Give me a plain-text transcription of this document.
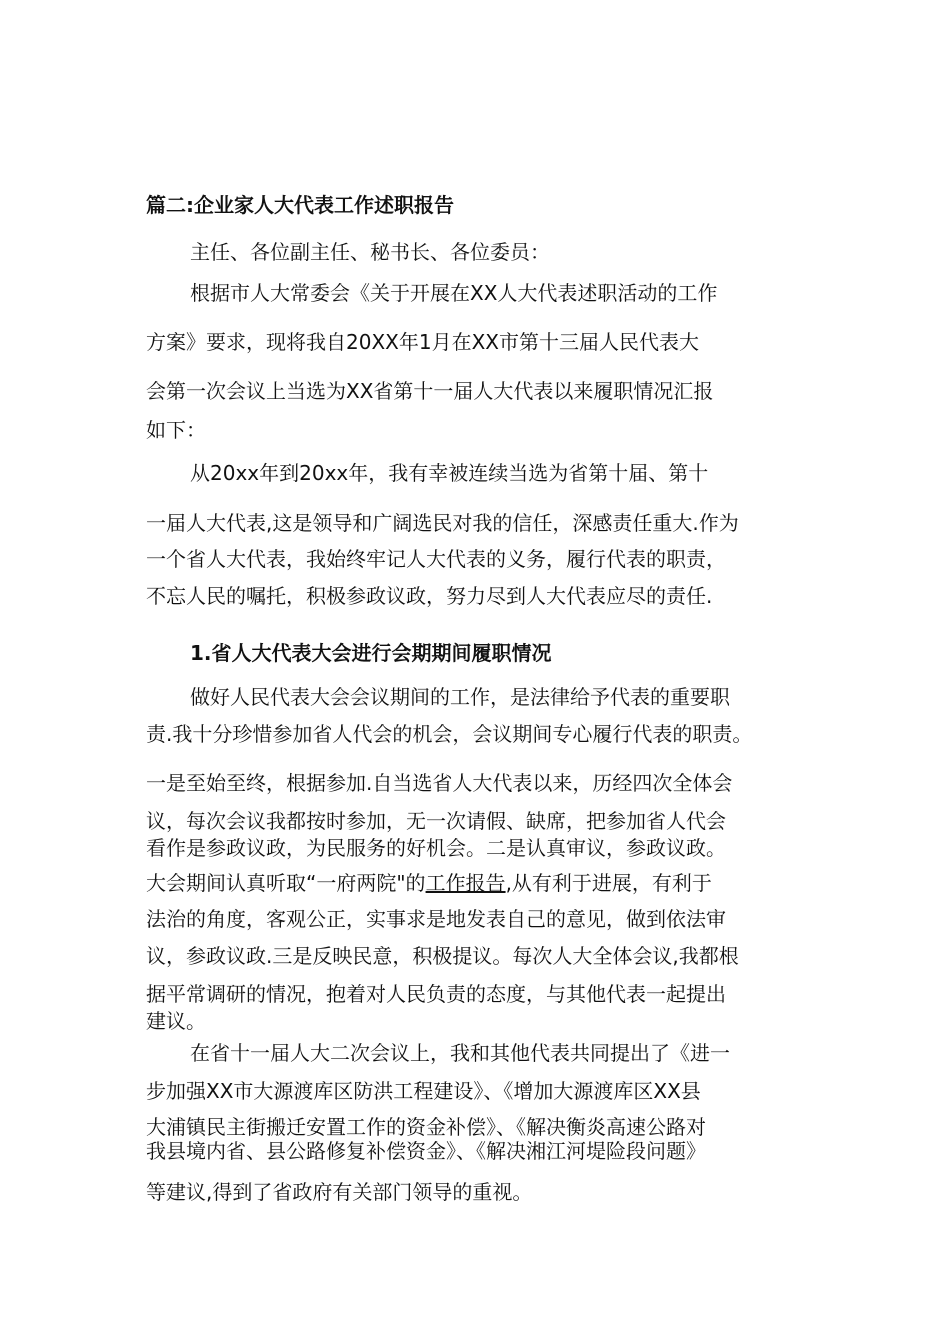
篇二:企业家人大代表工作述职报告
主任、各位副主任、秘书长、各位委员：
根据市人大常委会《关于开展在XX人大代表述职活动的工作
方案》要求，现将我自20XX年1月在XX市第十三届人民代表大
会第一次会议上当选为XX省第十一届人大代表以来履职情况汇报
如下：
从20xx年到20xx年，我有幸被连续当选为省第十届、第十
一届人大代表,这是领导和广阔选民对我的信任，深感责任重大.作为
一个省人大代表，我始终牢记人大代表的义务，履行代表的职责，
不忘人民的嘱托，积极参政议政，努力尽到人大代表应尽的责任.
1.省人大代表大会进行会期期间履职情况
做好人民代表大会会议期间的工作，是法律给予代表的重要职
责.我十分珍惜参加省人代会的机会，会议期间专心履行代表的职责。
一是至始至终，根据参加.自当选省人大代表以来，历经四次全体会
议，每次会议我都按时参加，无一次请假、缺席，把参加省人代会
看作是参政议政，为民服务的好机会。二是认真审议，参政议政。
大会期间认真听取“一府两院"的工作报告,从有利于进展，有利于
法治的角度，客观公正，实事求是地发表自己的意见，做到依法审
议，参政议政.三是反映民意，积极提议。每次人大全体会议,我都根
据平常调研的情况，抱着对人民负责的态度，与其他代表一起提出
建议。
在省十一届人大二次会议上，我和其他代表共同提出了《进一
步加强XX市大源渡库区防洪工程建设》、《增加大源渡库区XX县
大浦镇民主街搬迁安置工作的资金补偿》、《解决衡炎高速公路对
我县境内省、县公路修复补偿资金》、《解决湘江河堤险段问题》
等建议,得到了省政府有关部门领导的重视。
